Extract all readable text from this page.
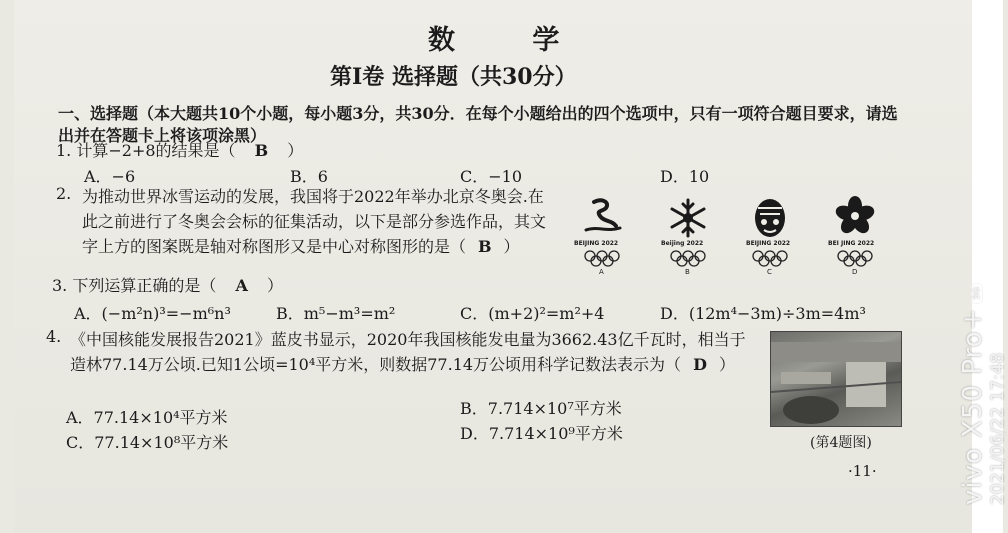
数 学
第Ⅰ卷 选择题（共30分）
一、选择题（本大题共10个小题，每小题3分，共30分．在每个小题给出的四个选项中，只有一项符合题目要求，请选出并在答题卡上将该项涂黑）
1. 计算−2+8的结果是（ B ）
A．−6	B．6	C．−10	D．10
2. 为推动世界冰雪运动的发展，我国将于2022年举办北京冬奥会.在此之前进行了冬奥会会标的征集活动，以下是部分参选作品，其文字上方的图案既是轴对称图形又是中心对称图形的是（ B ）	BEIJING 2022
A
Beijing 2022
B
BEIJING 2022
C
BEI JING 2022
D
3. 下列运算正确的是（ A ）
A．(−m²n)³=−m⁶n³	B．m⁵−m³=m²	C．(m+2)²=m²+4	D．(12m⁴−3m)÷3m=4m³
4. 《中国核能发展报告2021》蓝皮书显示，2020年我国核能发电量为3662.43亿千瓦时，相当于造林77.14万公顷.已知1公顷=10⁴平方米，则数据77.14万公顷用科学记数法表示为（ D ）
A．77.14×10⁴平方米	B．7.714×10⁷平方米
C．77.14×10⁸平方米	D．7.714×10⁹平方米	(第4题图)
·11·	vivo X50 Pro+5G
2021/06/22 17:48
